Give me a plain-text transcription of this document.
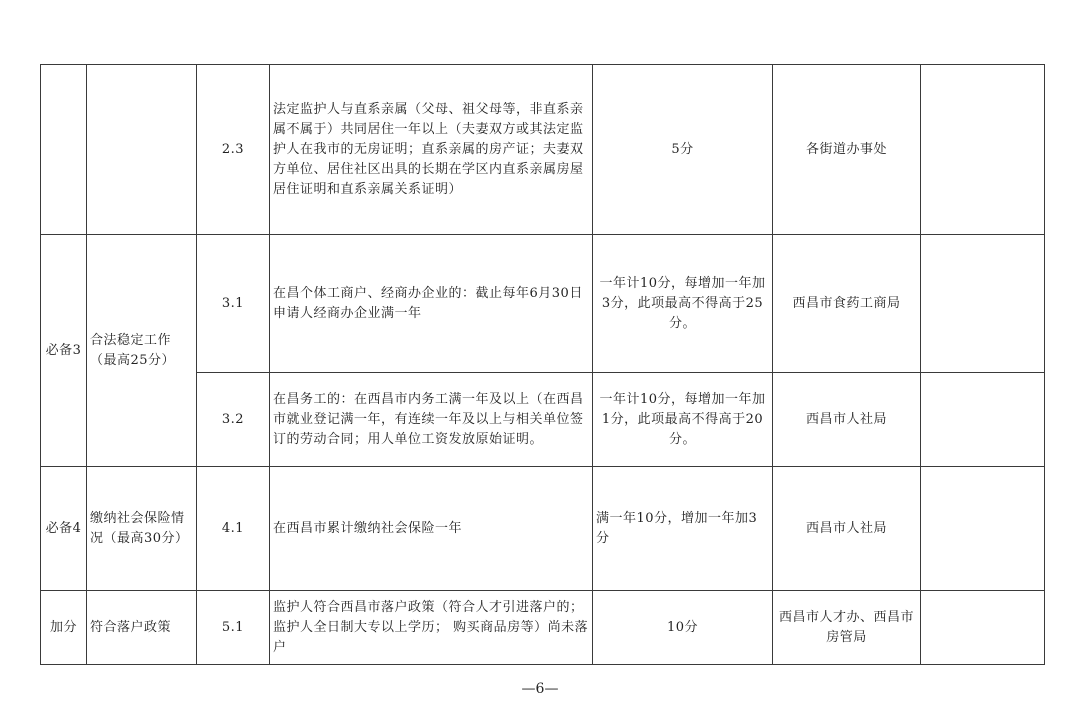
		2.3	法定监护人与直系亲属（父母、祖父母等，非直系亲属不属于）共同居住一年以上（夫妻双方或其法定监护人在我市的无房证明；直系亲属的房产证；夫妻双方单位、居住社区出具的长期在学区内直系亲属房屋居住证明和直系亲属关系证明）	5分	各街道办事处	
必备3	合法稳定工作（最高25分）	3.1	在昌个体工商户、经商办企业的：截止每年6月30日申请人经商办企业满一年	一年计10分，每增加一年加3分，此项最高不得高于25分。	西昌市食药工商局	
		3.2	在昌务工的：在西昌市内务工满一年及以上（在西昌市就业登记满一年，有连续一年及以上与相关单位签订的劳动合同；用人单位工资发放原始证明。	一年计10分，每增加一年加1分，此项最高不得高于20分。	西昌市人社局	
必备4	缴纳社会保险情况（最高30分）	4.1	在西昌市累计缴纳社会保险一年	满一年10分，增加一年加3分	西昌市人社局	
加分	符合落户政策	5.1	监护人符合西昌市落户政策（符合人才引进落户的；监护人全日制大专以上学历； 购买商品房等）尚未落户	10分	西昌市人才办、西昌市房管局	
—6—
